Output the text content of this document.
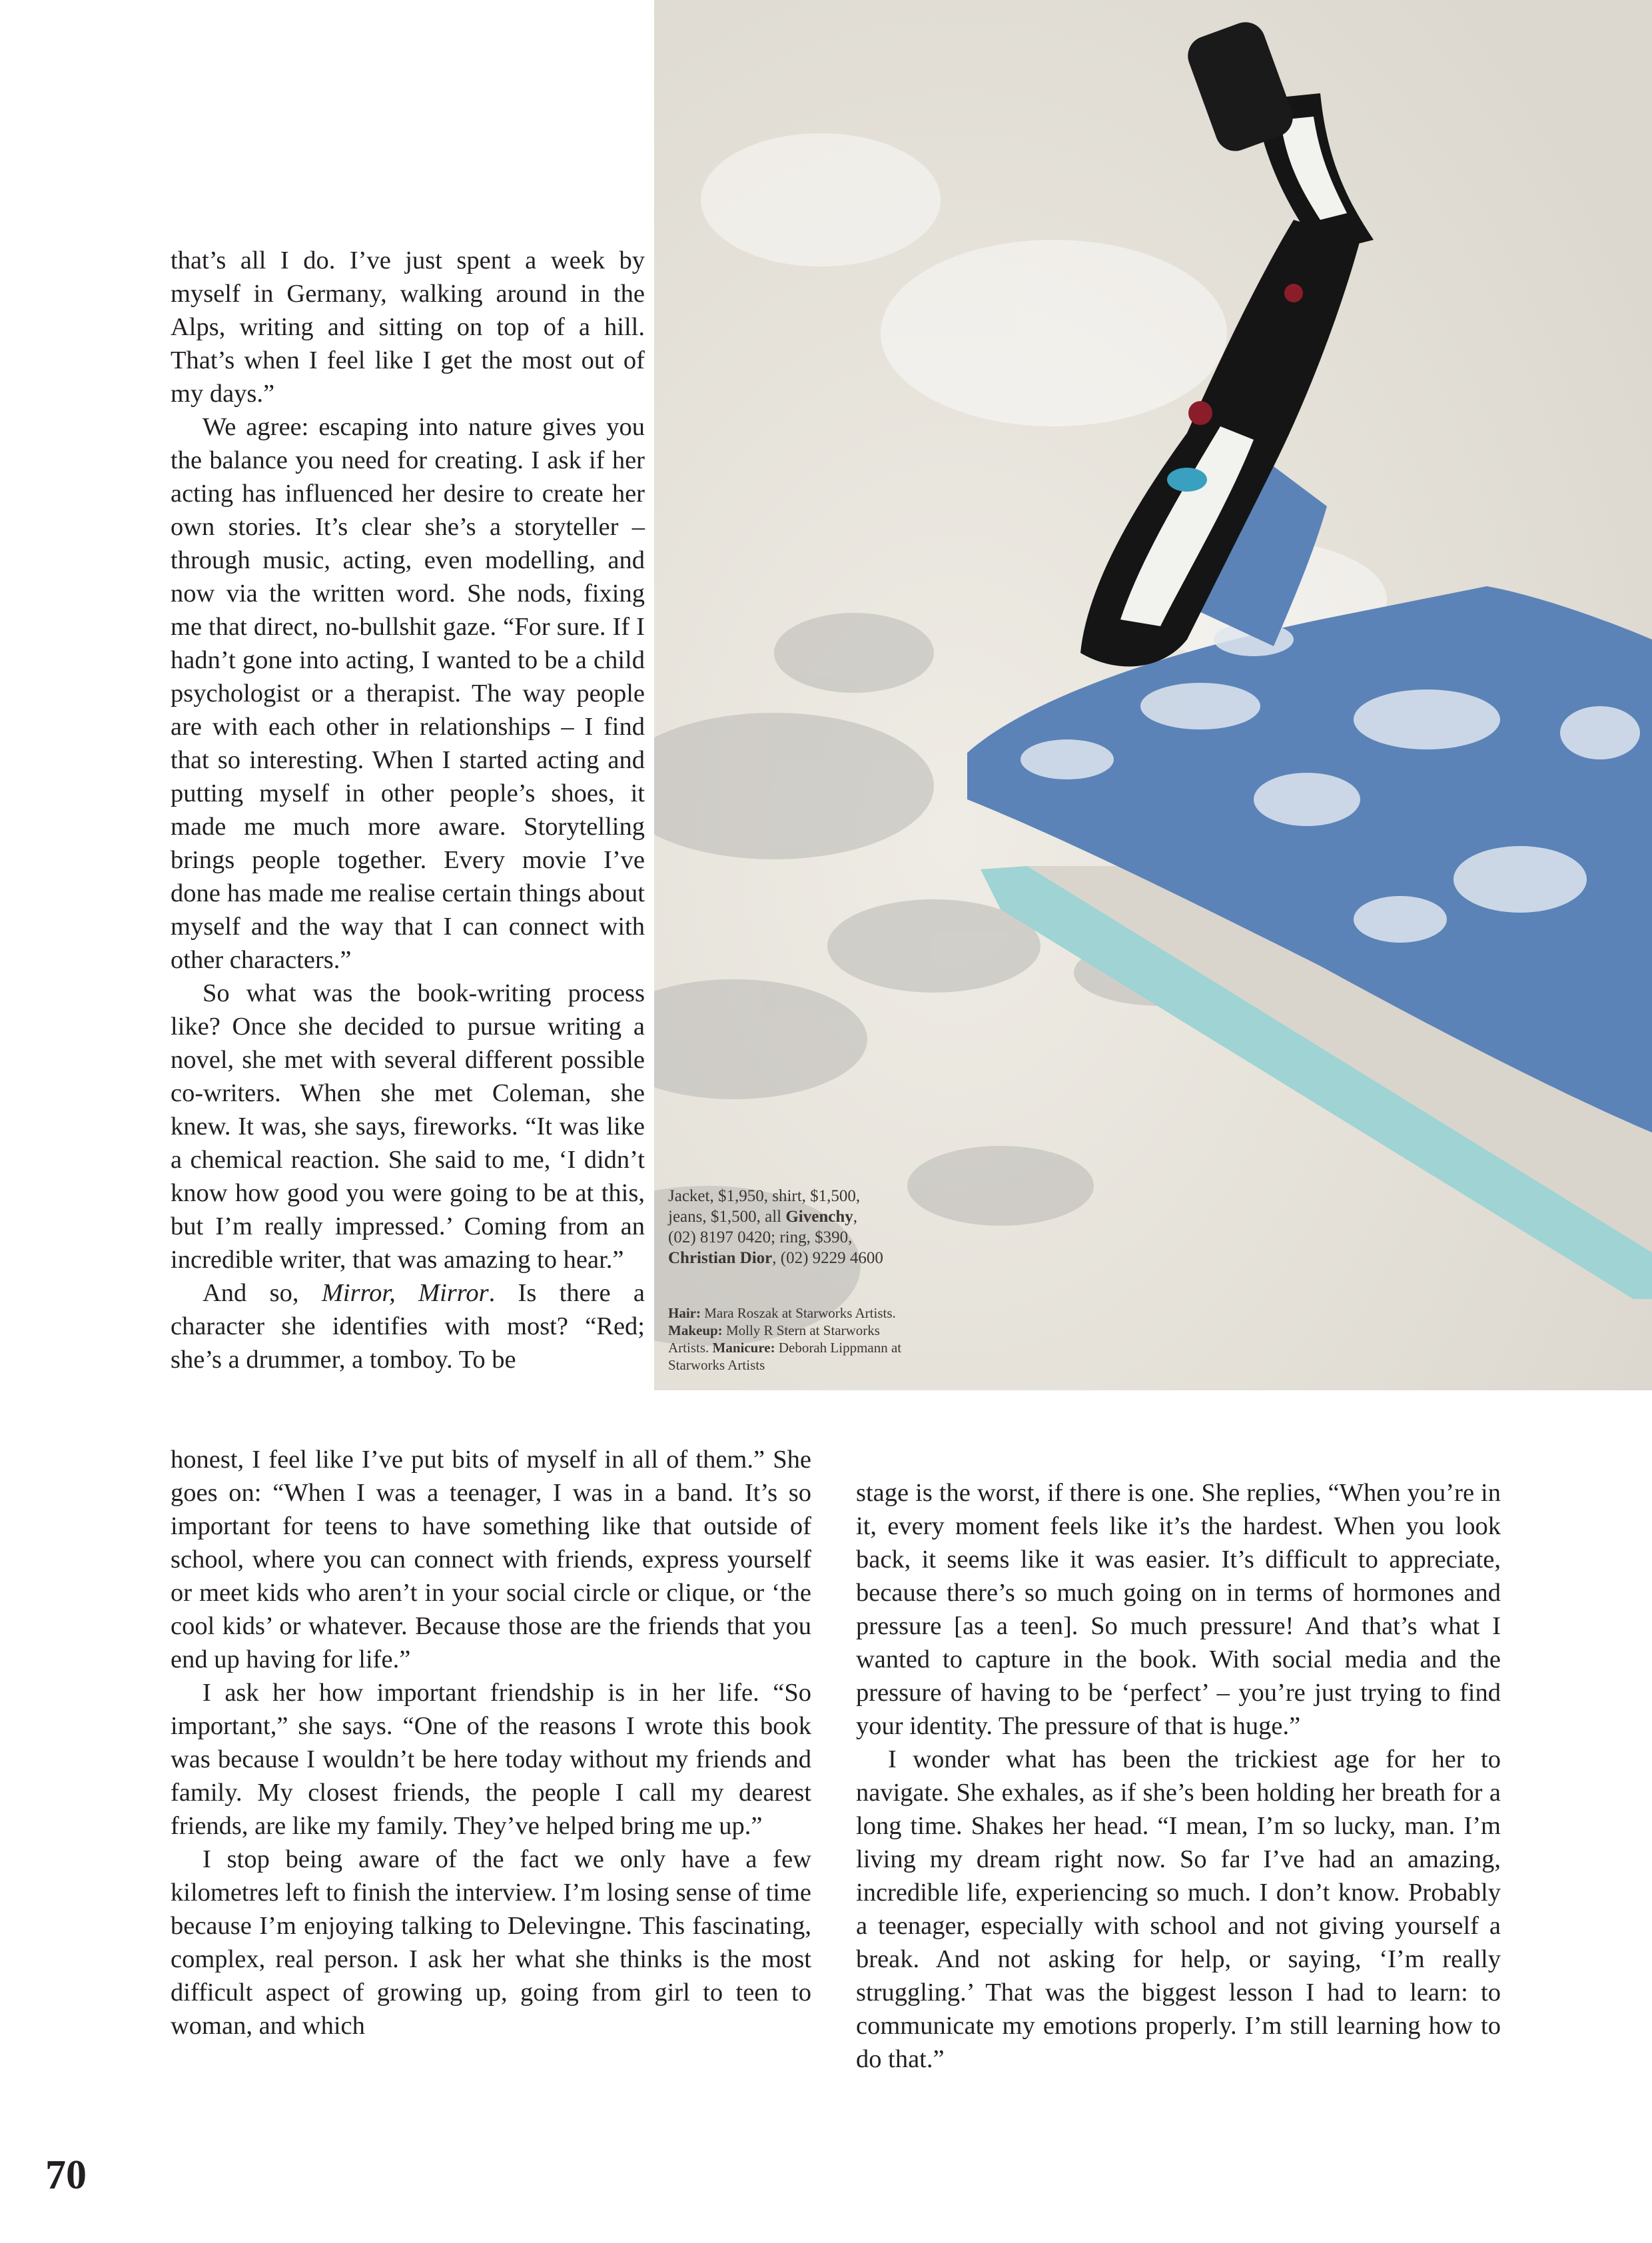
Jacket, $1,950, shirt, $1,500,
jeans, $1,500, all Givenchy,
(02) 8197 0420; ring, $390,
Christian Dior, (02) 9229 4600
Hair: Mara Roszak at Starworks Artists. Makeup: Molly R Stern at Starworks Artists. Manicure: Deborah Lippmann at Starworks Artists

that’s all I do. I’ve just spent a week by myself in Germany, walking around in the Alps, writing and sitting on top of a hill. That’s when I feel like I get the most out of my days.”

We agree: escaping into nature gives you the balance you need for creating. I ask if her acting has influenced her desire to create her own stories. It’s clear she’s a storyteller – through music, acting, even modelling, and now via the written word. She nods, fixing me that direct, no-bullshit gaze. “For sure. If I hadn’t gone into acting, I wanted to be a child psychologist or a therapist. The way people are with each other in relationships – I find that so interesting. When I started acting and putting myself in other people’s shoes, it made me much more aware. Storytelling brings people together. Every movie I’ve done has made me realise certain things about myself and the way that I can connect with other characters.”

So what was the book-writing process like? Once she decided to pursue writing a novel, she met with several different possible co-writers. When she met Coleman, she knew. It was, she says, fireworks. “It was like a chemical reaction. She said to me, ‘I didn’t know how good you were going to be at this, but I’m really impressed.’ Coming from an incredible writer, that was amazing to hear.”

And so, Mirror, Mirror. Is there a character she identifies with most? “Red; she’s a drummer, a tomboy. To be

honest, I feel like I’ve put bits of myself in all of them.” She goes on: “When I was a teenager, I was in a band. It’s so important for teens to have something like that outside of school, where you can connect with friends, express yourself or meet kids who aren’t in your social circle or clique, or ‘the cool kids’ or whatever. Because those are the friends that you end up having for life.”

I ask her how important friendship is in her life. “So important,” she says. “One of the reasons I wrote this book was because I wouldn’t be here today without my friends and family. My closest friends, the people I call my dearest friends, are like my family. They’ve helped bring me up.”

I stop being aware of the fact we only have a few kilometres left to finish the interview. I’m losing sense of time because I’m enjoying talking to Delevingne. This fascinating, complex, real person. I ask her what she thinks is the most difficult aspect of growing up, going from girl to teen to woman, and which

stage is the worst, if there is one. She replies, “When you’re in it, every moment feels like it’s the hardest. When you look back, it seems like it was easier. It’s difficult to appreciate, because there’s so much going on in terms of hormones and pressure [as a teen]. So much pressure! And that’s what I wanted to capture in the book. With social media and the pressure of having to be ‘perfect’ – you’re just trying to find your identity. The pressure of that is huge.”

I wonder what has been the trickiest age for her to navigate. She exhales, as if she’s been holding her breath for a long time. Shakes her head. “I mean, I’m so lucky, man. I’m living my dream right now. So far I’ve had an amazing, incredible life, experiencing so much. I don’t know. Probably a teenager, especially with school and not giving yourself a break. And not asking for help, or saying, ‘I’m really struggling.’ That was the biggest lesson I had to learn: to communicate my emotions properly. I’m still learning how to do that.”

70
